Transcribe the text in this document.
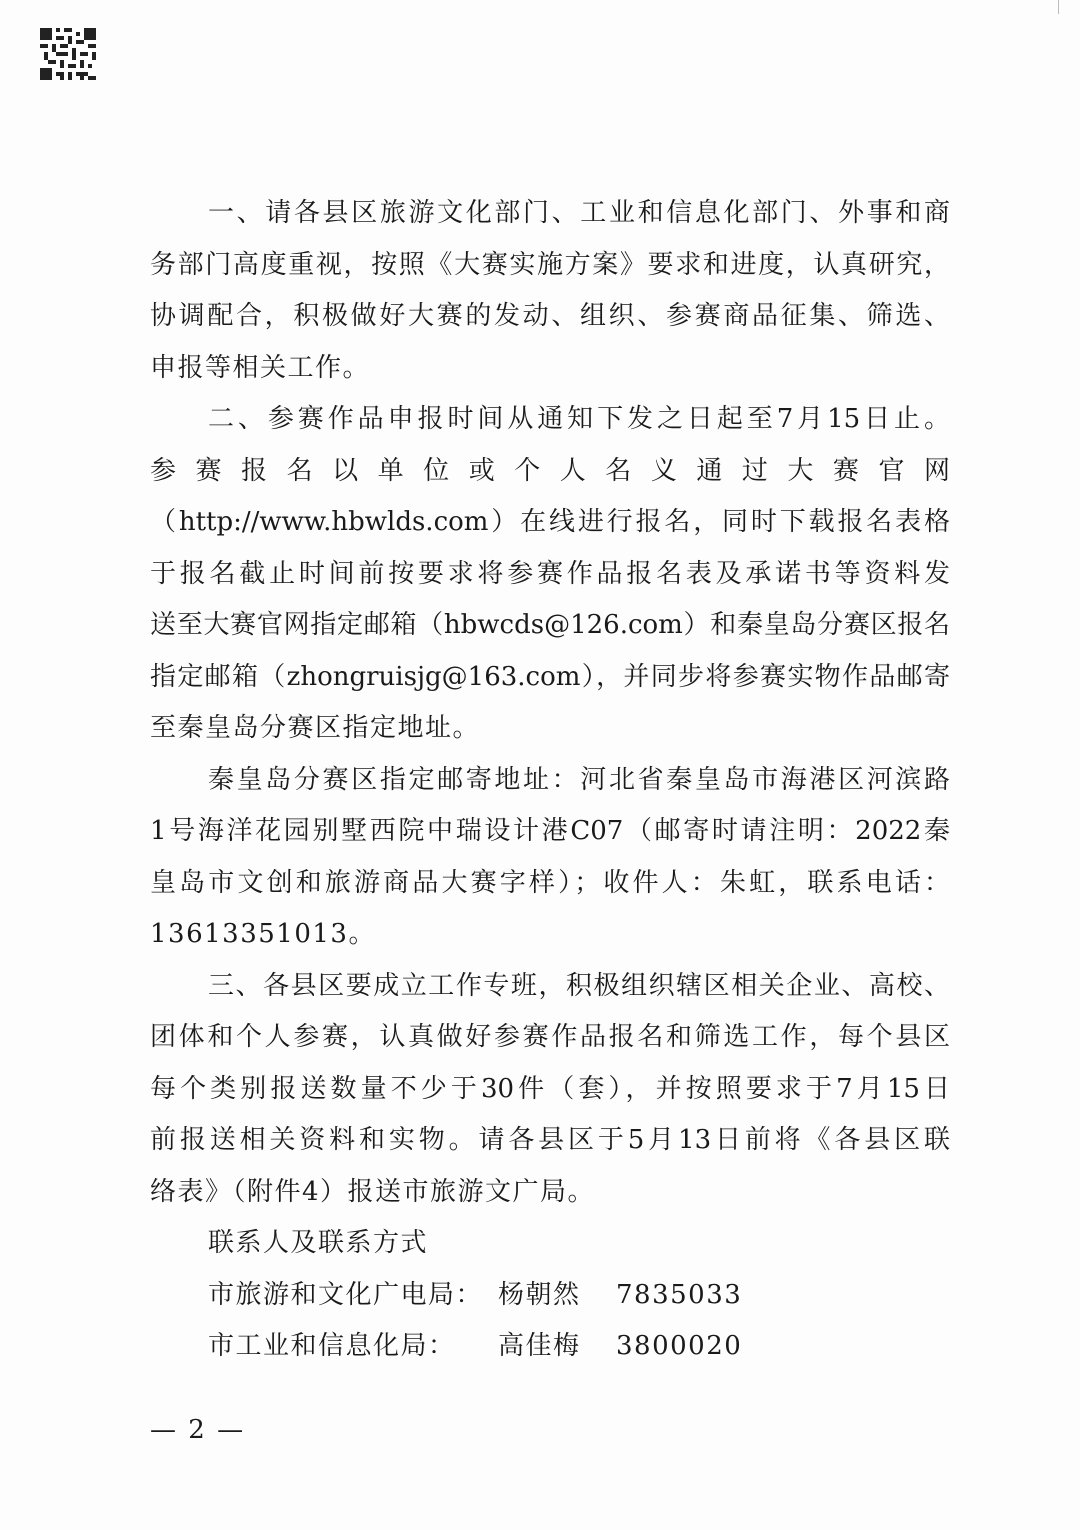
一、请各县区旅游文化部门、工业和信息化部门、外事和商
务部门高度重视，按照《大赛实施方案》要求和进度，认真研究，
协调配合，积极做好大赛的发动、组织、参赛商品征集、筛选、
申报等相关工作。
二、参赛作品申报时间从通知下发之日起至7月15日止。
参赛报名以单位或个人名义通过大赛官网
（http://www.hbwlds.com）在线进行报名，同时下载报名表格
于报名截止时间前按要求将参赛作品报名表及承诺书等资料发
送至大赛官网指定邮箱（hbwcds@126.com）和秦皇岛分赛区报名
指定邮箱（zhongruisjg@163.com），并同步将参赛实物作品邮寄
至秦皇岛分赛区指定地址。
秦皇岛分赛区指定邮寄地址：河北省秦皇岛市海港区河滨路
1号海洋花园别墅西院中瑞设计港C07（邮寄时请注明：2022秦
皇岛市文创和旅游商品大赛字样）；收件人：朱虹，联系电话：
13613351013。
三、各县区要成立工作专班，积极组织辖区相关企业、高校、
团体和个人参赛，认真做好参赛作品报名和筛选工作，每个县区
每个类别报送数量不少于30件（套），并按照要求于7月15日
前报送相关资料和实物。请各县区于5月13日前将《各县区联
络表》（附件4）报送市旅游文广局。
联系人及联系方式
市旅游和文化广电局： 杨朝然 7835033
市工业和信息化局： 高佳梅 3800020
— 2 —
